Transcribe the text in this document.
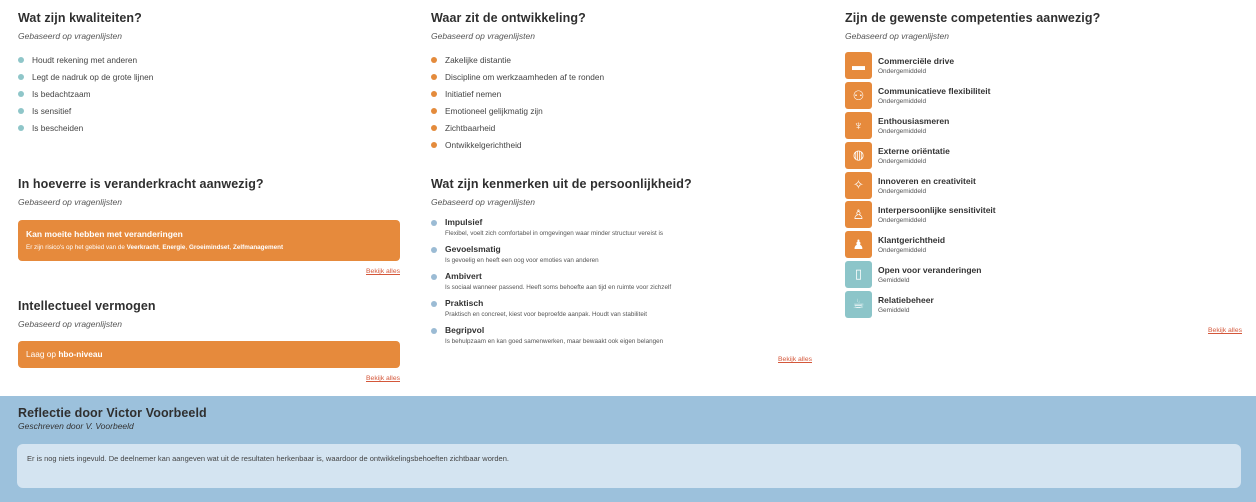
Wat zijn kwaliteiten?
Gebaseerd op vragenlijsten
Houdt rekening met anderen
Legt de nadruk op de grote lijnen
Is bedachtzaam
Is sensitief
Is bescheiden
In hoeverre is veranderkracht aanwezig?
Gebaseerd op vragenlijsten
Kan moeite hebben met veranderingen
Er zijn risico's op het gebied van de Veerkracht, Energie, Groeimindset, Zelfmanagement
Bekijk alles
Intellectueel vermogen
Gebaseerd op vragenlijsten
Laag op hbo-niveau
Bekijk alles
Waar zit de ontwikkeling?
Gebaseerd op vragenlijsten
Zakelijke distantie
Discipline om werkzaamheden af te ronden
Initiatief nemen
Emotioneel gelijkmatig zijn
Zichtbaarheid
Ontwikkelgerichtheid
Wat zijn kenmerken uit de persoonlijkheid?
Gebaseerd op vragenlijsten
Impulsief
Flexibel, voelt zich comfortabel in omgevingen waar minder structuur vereist is
Gevoelsmatig
Is gevoelig en heeft een oog voor emoties van anderen
Ambivert
Is sociaal wanneer passend. Heeft soms behoefte aan tijd en ruimte voor zichzelf
Praktisch
Praktisch en concreet, kiest voor beproefde aanpak. Houdt van stabiliteit
Begripvol
Is behulpzaam en kan goed samenwerken, maar bewaakt ook eigen belangen
Bekijk alles
Zijn de gewenste competenties aanwezig?
Gebaseerd op vragenlijsten
▬	Commerciële drive
Ondergemiddeld
⚇	Communicatieve flexibiliteit
Ondergemiddeld
♆	Enthousiasmeren
Ondergemiddeld
◍	Externe oriëntatie
Ondergemiddeld
✧	Innoveren en creativiteit
Ondergemiddeld
♙	Interpersoonlijke sensitiviteit
Ondergemiddeld
♟	Klantgerichtheid
Ondergemiddeld
▯	Open voor veranderingen
Gemiddeld
☕	Relatiebeheer
Gemiddeld
Bekijk alles
Reflectie door Victor Voorbeeld
Geschreven door V. Voorbeeld
Er is nog niets ingevuld. De deelnemer kan aangeven wat uit de resultaten herkenbaar is, waardoor de ontwikkelingsbehoeften zichtbaar worden.
